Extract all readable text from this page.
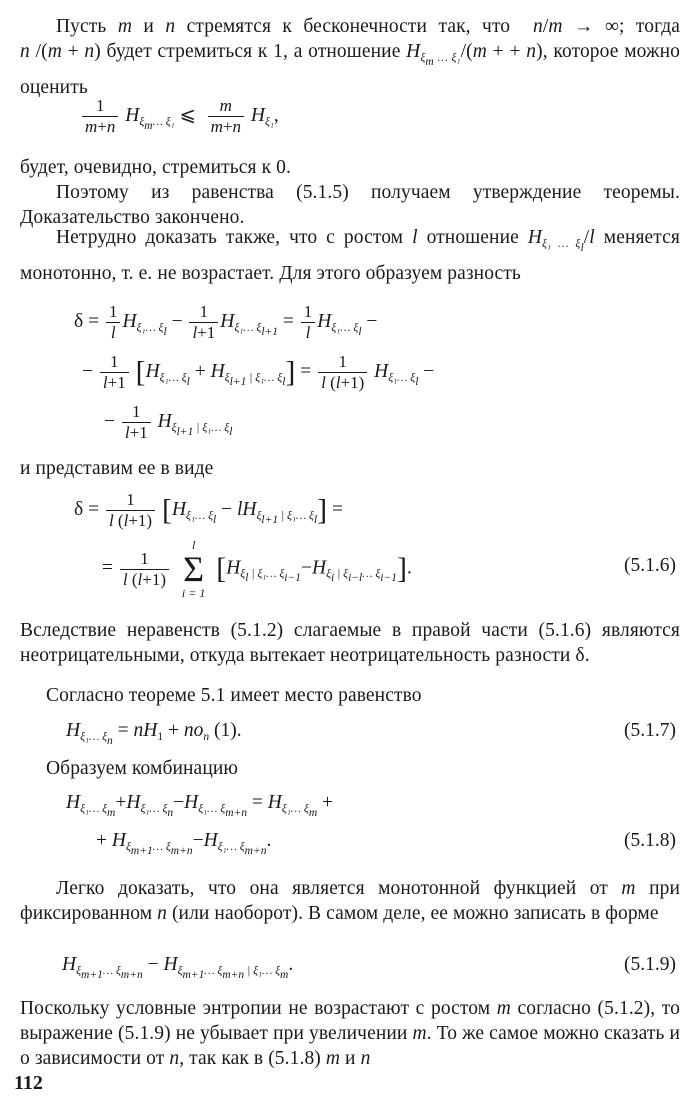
Пусть m и n стремятся к бесконечности так, что  n/m → ∞; тогда n /(m + n) будет стремиться к 1, а отношение $H_{\xi_m \dots \xi_1}/(m$ + + n), которое можно оценить
$\frac{1}{m+n} H_{\xi_m\dots \xi_1}$ ⩽ $\frac{m}{m+n} H_{\xi_1}$,
будет, очевидно, стремиться к 0.
Поэтому из равенства (5.1.5) получаем утверждение теоремы. Доказательство закончено.
Нетрудно доказать также, что с ростом l отношение $H_{\xi_1 \dots \xi_l}/l$ меняется монотонно, т. е. не возрастает. Для этого образуем разность
$\delta = \frac{1}{l} H_{\xi_1\dots \xi_l} - \frac{1}{l+1} H_{\xi_1\dots \xi_{l+1}} = \frac{1}{l} H_{\xi_1\dots \xi_l}$ −
− $\frac{1}{l+1} [H_{\xi_1\dots \xi_l} + H_{\xi_{l+1} | \xi_1\dots \xi_l}] = \frac{1}{l (l+1)} H_{\xi_1\dots \xi_l}$ −
− $\frac{1}{l+1} H_{\xi_{l+1} | \xi_1\dots \xi_l}$
и представим ее в виде
$\delta = \frac{1}{l (l+1)} [H_{\xi_1\dots \xi_l} - lH_{\xi_{l+1} | \xi_1\dots \xi_l}]$ =
= $\frac{1}{l (l+1)}$

l
Σ
i = 1
$[H_{\xi_l | \xi_1\dots \xi_{i-1}}-H_{\xi_i | \xi_{i-l}\dots \xi_{i-1}}]$.	(5.1.6)
Вследствие неравенств (5.1.2) слагаемые в правой части (5.1.6) являются неотрицательными, откуда вытекает неотрицательность разности δ.
Согласно теореме 5.1 имеет место равенство
$H_{\xi_1\dots \xi_n} = nH_1 + no_n$ (1).	(5.1.7)
Образуем комбинацию
$H_{\xi_1\dots \xi_m}+H_{\xi_1\dots \xi_n}-H_{\xi_1\dots \xi_{m+n}} = H_{\xi_1\dots \xi_m}$ +
+ $H_{\xi_{m+1}\dots \xi_{m+n}}-H_{\xi_1\dots \xi_{m+n}}$.	(5.1.8)
Легко доказать, что она является монотонной функцией от m при фиксированном n (или наоборот). В самом деле, ее можно записать в форме
$H_{\xi_{m+1}\dots \xi_{m+n}} - H_{\xi_{m+1}\dots \xi_{m+n} | \xi_1\dots \xi_m}$.	(5.1.9)
Поскольку условные энтропии не возрастают с ростом m согласно (5.1.2), то выражение (5.1.9) не убывает при увеличении m. То же самое можно сказать и о зависимости от n, так как в (5.1.8) m и n
112
